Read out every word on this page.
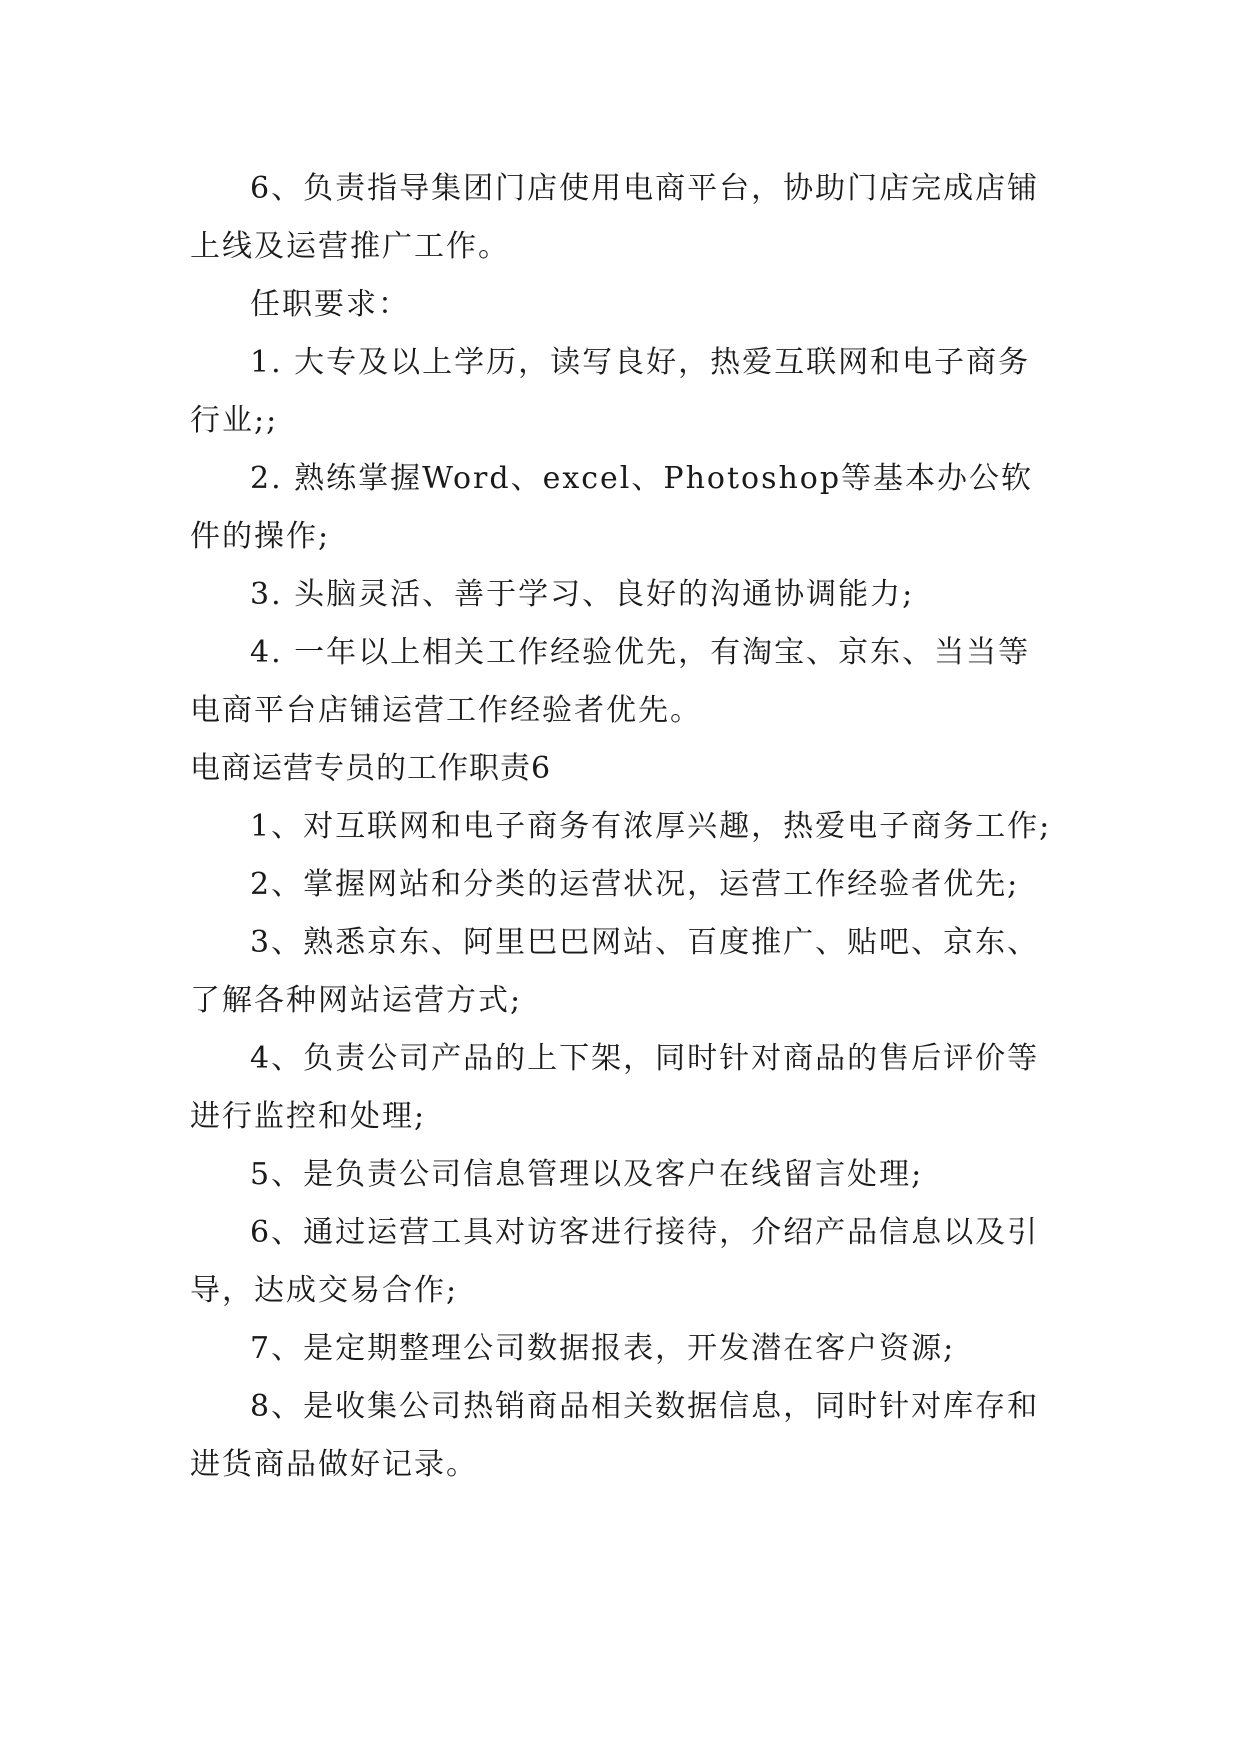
6、负责指导集团门店使用电商平台，协助门店完成店铺上线及运营推广工作。

任职要求：

1. 大专及以上学历，读写良好，热爱互联网和电子商务行业;;

2. 熟练掌握Word、excel、Photoshop等基本办公软件的操作;

3. 头脑灵活、善于学习、良好的沟通协调能力;

4. 一年以上相关工作经验优先，有淘宝、京东、当当等电商平台店铺运营工作经验者优先。

电商运营专员的工作职责6

1、对互联网和电子商务有浓厚兴趣，热爱电子商务工作;

2、掌握网站和分类的运营状况，运营工作经验者优先;

3、熟悉京东、阿里巴巴网站、百度推广、贴吧、京东、了解各种网站运营方式;

4、负责公司产品的上下架，同时针对商品的售后评价等进行监控和处理;

5、是负责公司信息管理以及客户在线留言处理;

6、通过运营工具对访客进行接待，介绍产品信息以及引导，达成交易合作;

7、是定期整理公司数据报表，开发潜在客户资源;

8、是收集公司热销商品相关数据信息，同时针对库存和进货商品做好记录。
